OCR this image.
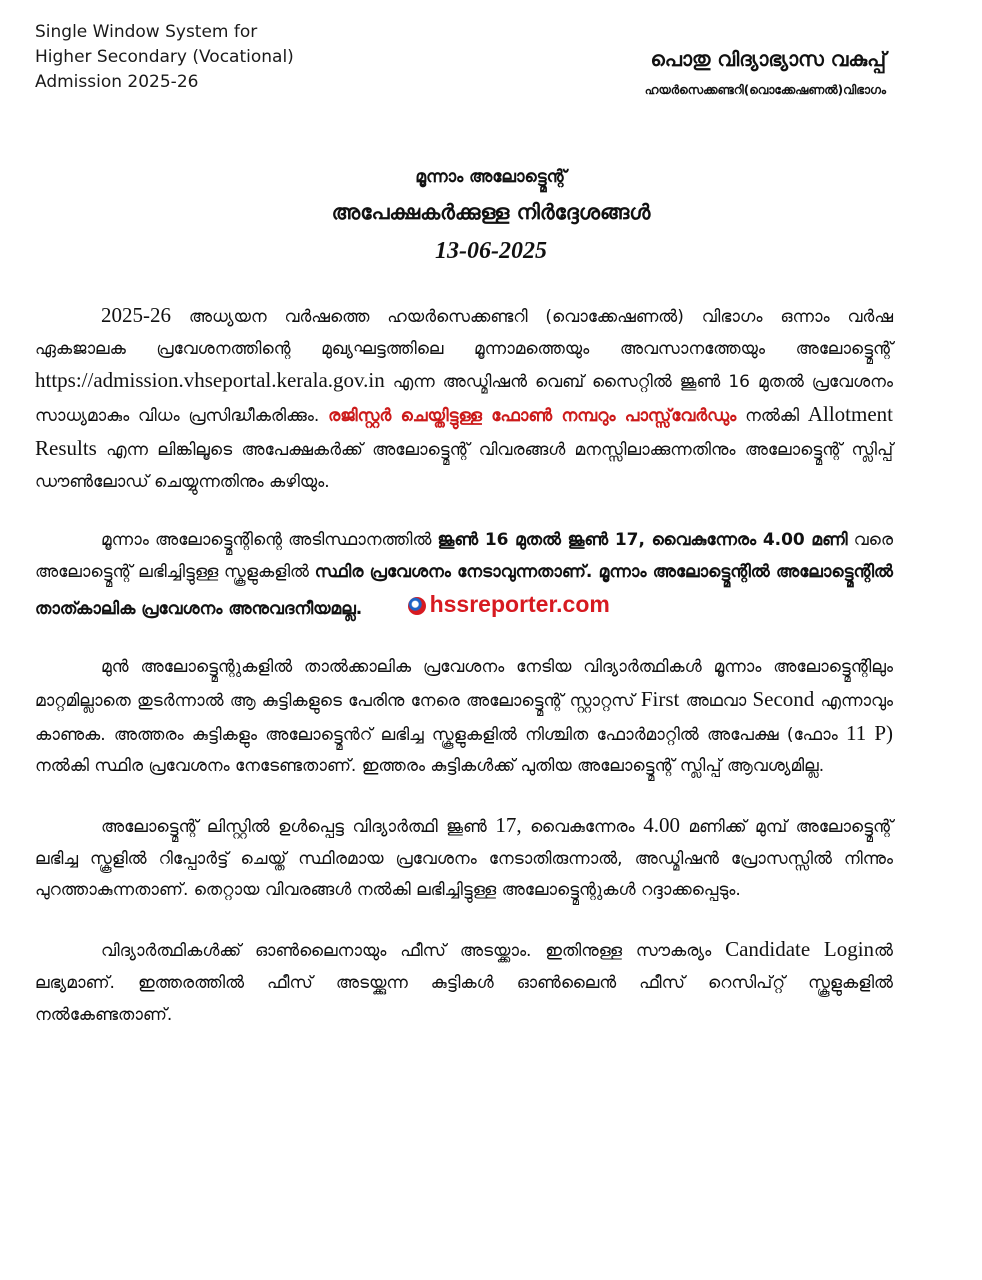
Single Window System for
Higher Secondary (Vocational)
Admission 2025-26
പൊതു വിദ്യാഭ്യാസ വകുപ്പ്
ഹയർസെക്കണ്ടറി(വൊക്കേഷണൽ)വിഭാഗം
മൂന്നാം അലോട്ട്മെന്റ്
അപേക്ഷകർക്കുള്ള നിർദ്ദേശങ്ങൾ
13-06-2025

2025-26 അധ്യയന വർഷത്തെ ഹയർസെക്കണ്ടറി (വൊക്കേഷണൽ) വിഭാഗം ഒന്നാം വർഷ ഏകജാലക പ്രവേശനത്തിന്റെ മുഖ്യഘട്ടത്തിലെ മൂന്നാമത്തെയും അവസാനത്തേയും അലോട്ട്മെന്റ് https://admission.vhseportal.kerala.gov.in എന്ന അഡ്മിഷൻ വെബ് സൈറ്റിൽ ജൂൺ 16 മുതൽ പ്രവേശനം സാധ്യമാകും വിധം പ്രസിദ്ധീകരിക്കും. രജിസ്റ്റർ ചെയ്തിട്ടുള്ള ഫോൺ നമ്പറും പാസ്സ്‌വേർഡും നൽകി Allotment Results എന്ന ലിങ്കിലൂടെ അപേക്ഷകർക്ക് അലോട്ട്മെന്റ് വിവരങ്ങൾ മനസ്സിലാക്കുന്നതിനും അലോട്ട്മെന്റ് സ്ലിപ്പ് ഡൗൺലോഡ് ചെയ്യുന്നതിനും കഴിയും.

മൂന്നാം അലോട്ട്മെന്റിന്റെ അടിസ്ഥാനത്തിൽ ജൂൺ 16 മുതൽ ജൂൺ 17, വൈകുന്നേരം 4.00 മണി വരെ അലോട്ട്മെന്റ് ലഭിച്ചിട്ടുള്ള സ്കൂളുകളിൽ സ്ഥിര പ്രവേശനം നേടാവുന്നതാണ്. മൂന്നാം അലോട്ട്മെന്റിൽ അലോട്ട്മെന്റിൽ താത്കാലിക പ്രവേശനം അനുവദനീയമല്ല.	hssreporter.com

മുൻ അലോട്ട്മെന്റുകളിൽ താൽക്കാലിക പ്രവേശനം നേടിയ വിദ്യാർത്ഥികൾ മൂന്നാം അലോട്ട്മെന്റിലും മാറ്റമില്ലാതെ തുടർന്നാൽ ആ കുട്ടികളുടെ പേരിനു നേരെ അലോട്ട്മെന്റ് സ്റ്റാറ്റസ് First അഥവാ Second എന്നാവും കാണുക. അത്തരം കുട്ടികളും അലോട്ട്മെൻറ് ലഭിച്ച സ്കൂളുകളിൽ നിശ്ചിത ഫോർമാറ്റിൽ അപേക്ഷ (ഫോം 11 P) നൽകി സ്ഥിര പ്രവേശനം നേടേണ്ടതാണ്. ഇത്തരം കുട്ടികൾക്ക് പുതിയ അലോട്ട്മെന്റ് സ്ലിപ്പ് ആവശ്യമില്ല.

അലോട്ട്മെന്റ് ലിസ്റ്റിൽ ഉൾപ്പെട്ട വിദ്യാർത്ഥി ജൂൺ 17, വൈകുന്നേരം 4.00 മണിക്ക് മുമ്പ് അലോട്ട്മെന്റ് ലഭിച്ച സ്കൂളിൽ റിപ്പോർട്ട് ചെയ്ത് സ്ഥിരമായ പ്രവേശനം നേടാതിരുന്നാൽ, അഡ്മിഷൻ പ്രോസസ്സിൽ നിന്നും പുറത്താകുന്നതാണ്. തെറ്റായ വിവരങ്ങൾ നൽകി ലഭിച്ചിട്ടുള്ള അലോട്ട്മെന്റുകൾ റദ്ദാക്കപ്പെടും.

വിദ്യാർത്ഥികൾക്ക് ഓൺലൈനായും ഫീസ് അടയ്ക്കാം. ഇതിനുള്ള സൗകര്യം Candidate Loginൽ ലഭ്യമാണ്. ഇത്തരത്തിൽ ഫീസ് അടയ്ക്കുന്ന കുട്ടികൾ ഓൺലൈൻ ഫീസ് റെസിപ്റ്റ് സ്കൂളുകളിൽ നൽകേണ്ടതാണ്.
